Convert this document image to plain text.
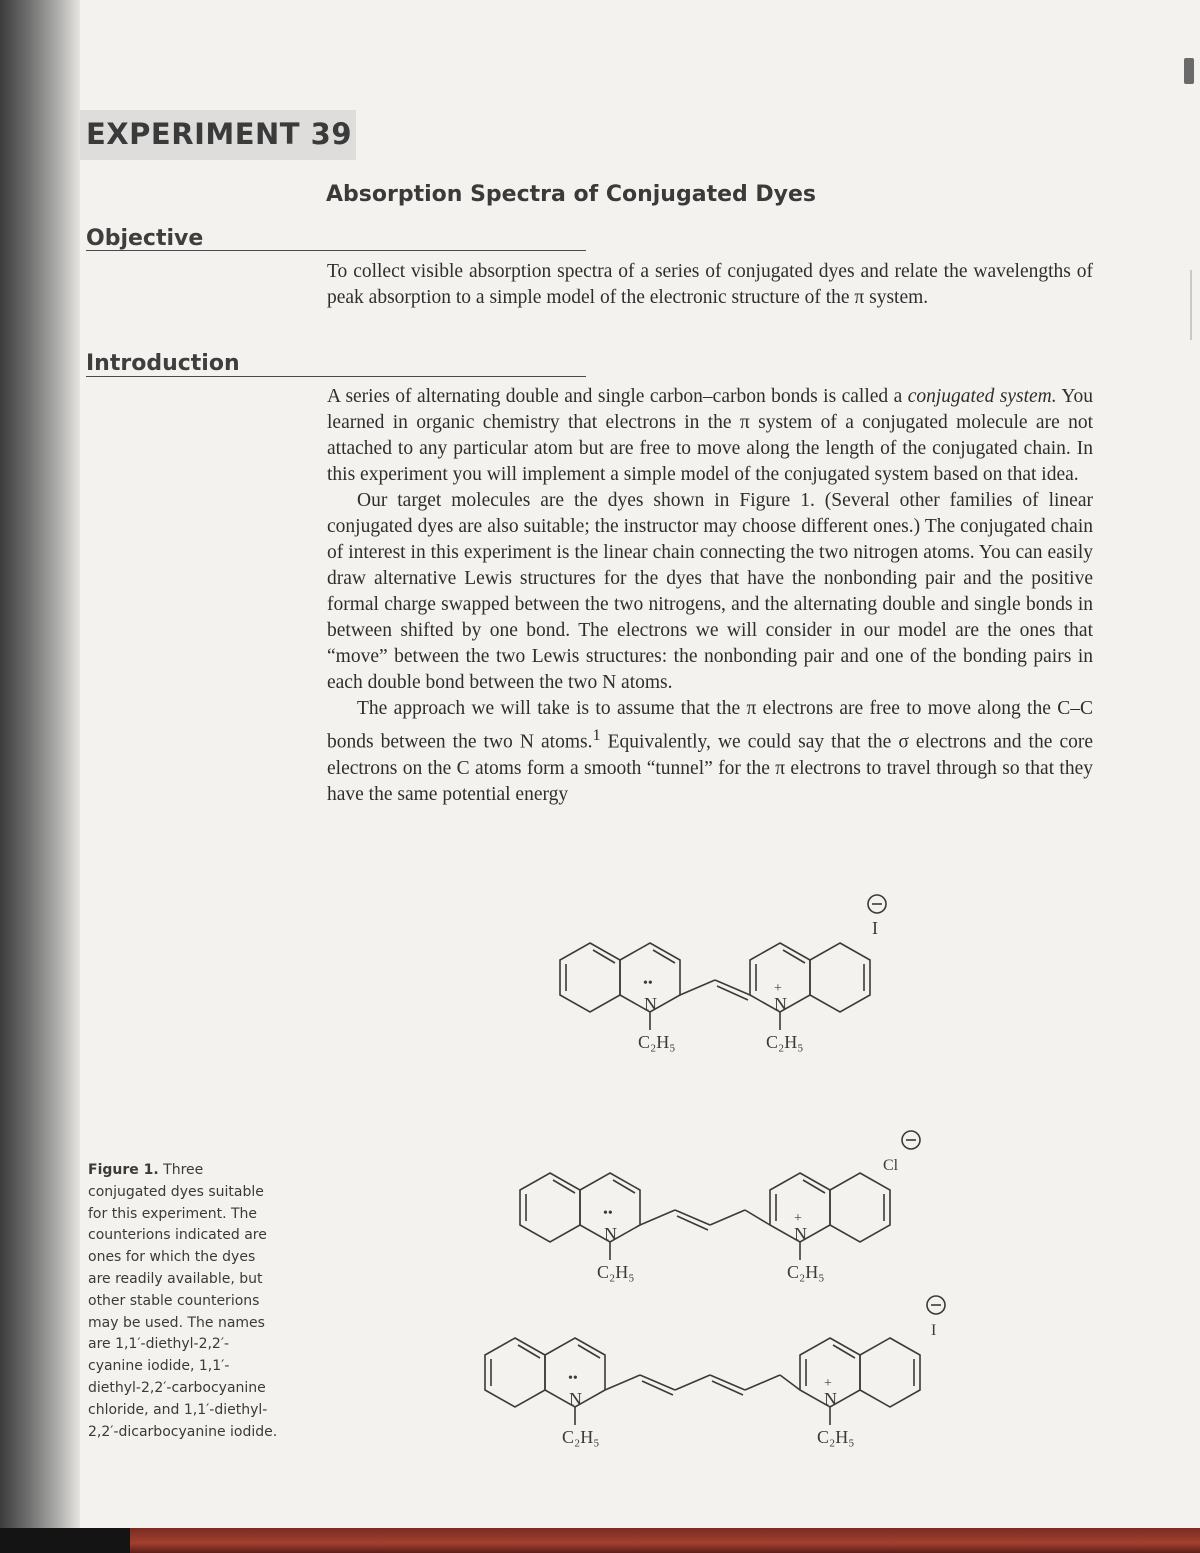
EXPERIMENT 39
Absorption Spectra of Conjugated Dyes
Objective

To collect visible absorption spectra of a series of conjugated dyes and relate the wavelengths of peak absorption to a simple model of the electronic structure of the π system.

Introduction

A series of alternating double and single carbon–carbon bonds is called a conjugated system. You learned in organic chemistry that electrons in the π system of a conjugated molecule are not attached to any particular atom but are free to move along the length of the conjugated chain. In this experiment you will implement a simple model of the conjugated system based on that idea.

Our target molecules are the dyes shown in Figure 1. (Several other families of linear conjugated dyes are also suitable; the instructor may choose different ones.) The conjugated chain of interest in this experiment is the linear chain connecting the two nitrogen atoms. You can easily draw alternative Lewis structures for the dyes that have the nonbonding pair and the positive formal charge swapped between the two nitrogens, and the alternating double and single bonds in between shifted by one bond. The electrons we will consider in our model are the ones that “move” between the two Lewis structures: the nonbonding pair and one of the bonding pairs in each double bond between the two N atoms.

The approach we will take is to assume that the π electrons are free to move along the C–C bonds between the two N atoms.$^1$ Equivalently, we could say that the σ electrons and the core electrons on the C atoms form a smooth “tunnel” for the π electrons to travel through so that they have the same potential energy

Figure 1. Three conjugated dyes suitable for this experiment. The counterions indicated are ones for which the dyes are readily available, but other stable counterions may be used. The names are 1,1′-diethyl-2,2′-cyanine iodide, 1,1′-diethyl-2,2′-carbocyanine chloride, and 1,1′-diethyl-2,2′-dicarbocyanine iodide.
••
N
+
N
C₂H₅	C₂H₅
I
••
N
+
N
C₂H₅	C₂H₅
Cl
••
N
+
N
C₂H₅	C₂H₅
I
